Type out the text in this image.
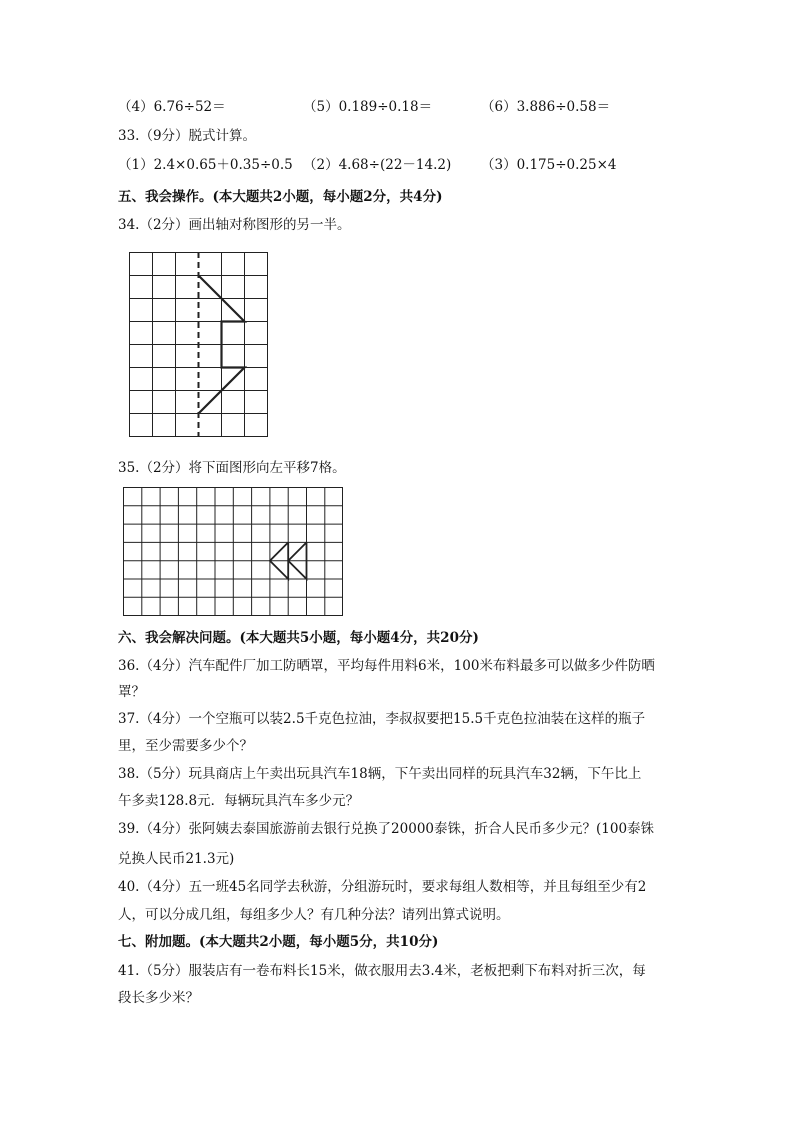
（4）6.76÷52＝	（5）0.189÷0.18＝	（6）3.886÷0.58＝
33.（9分）脱式计算。
（1）2.4×0.65＋0.35÷0.5 （2）4.68÷(22－14.2) （3）0.175÷0.25×4
五、我会操作。(本大题共2小题，每小题2分，共4分)
34.（2分）画出轴对称图形的另一半。
35.（2分）将下面图形向左平移7格。
六、我会解决问题。(本大题共5小题，每小题4分，共20分)
36.（4分）汽车配件厂加工防晒罩，平均每件用料6米，100米布料最多可以做多少件防晒
罩？
37.（4分）一个空瓶可以装2.5千克色拉油，李叔叔要把15.5千克色拉油装在这样的瓶子
里，至少需要多少个？
38.（5分）玩具商店上午卖出玩具汽车18辆，下午卖出同样的玩具汽车32辆，下午比上
午多卖128.8元．每辆玩具汽车多少元？
39.（4分）张阿姨去泰国旅游前去银行兑换了20000泰铢，折合人民币多少元？(100泰铢
兑换人民币21.3元)
40.（4分）五一班45名同学去秋游，分组游玩时，要求每组人数相等，并且每组至少有2
人，可以分成几组，每组多少人？有几种分法？请列出算式说明。
七、附加题。(本大题共2小题，每小题5分，共10分)
41.（5分）服装店有一卷布料长15米，做衣服用去3.4米，老板把剩下布料对折三次，每
段长多少米？
